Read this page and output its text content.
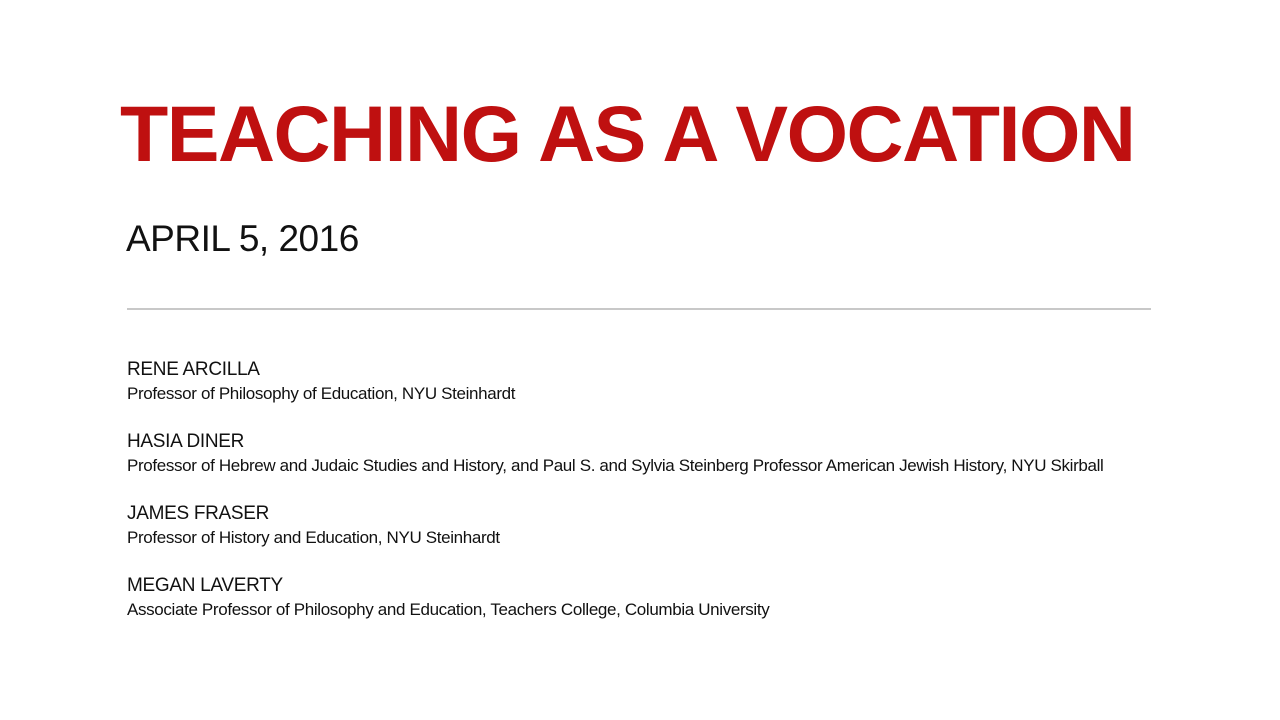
TEACHING AS A VOCATION
APRIL 5, 2016
RENE ARCILLA
Professor of Philosophy of Education, NYU Steinhardt
HASIA DINER
Professor of Hebrew and Judaic Studies and History, and Paul S. and Sylvia Steinberg Professor American Jewish History, NYU Skirball
JAMES FRASER
Professor of History and Education, NYU Steinhardt
MEGAN LAVERTY
Associate Professor of Philosophy and Education, Teachers College, Columbia University
